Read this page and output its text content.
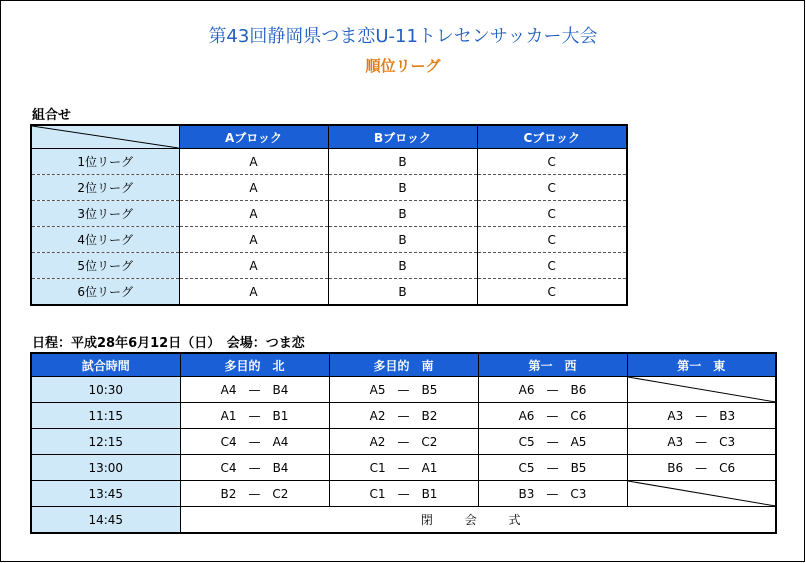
第43回静岡県つま恋U-11トレセンサッカー大会
順位リーグ
組合せ
	Aブロック	Bブロック	Cブロック
1位リーグ	A	B	C
2位リーグ	A	B	C
3位リーグ	A	B	C
4位リーグ	A	B	C
5位リーグ	A	B	C
6位リーグ	A	B	C
日程：平成28年6月12日（日）　会場：つま恋
試合時間	多目的　北	多目的　南	第一　西	第一　東
10:30	A4 — B4	A5 — B5	A6 — B6	

11:15	A1 — B1	A2 — B2	A6 — C6	A3 — B3
12:15	C4 — A4	A2 — C2	C5 — A5	A3 — C3
13:00	C4 — B4	C1 — A1	C5 — B5	B6 — C6
13:45	B2 — C2	C1 — B1	B3 — C3	

14:45	閉 会 式			
